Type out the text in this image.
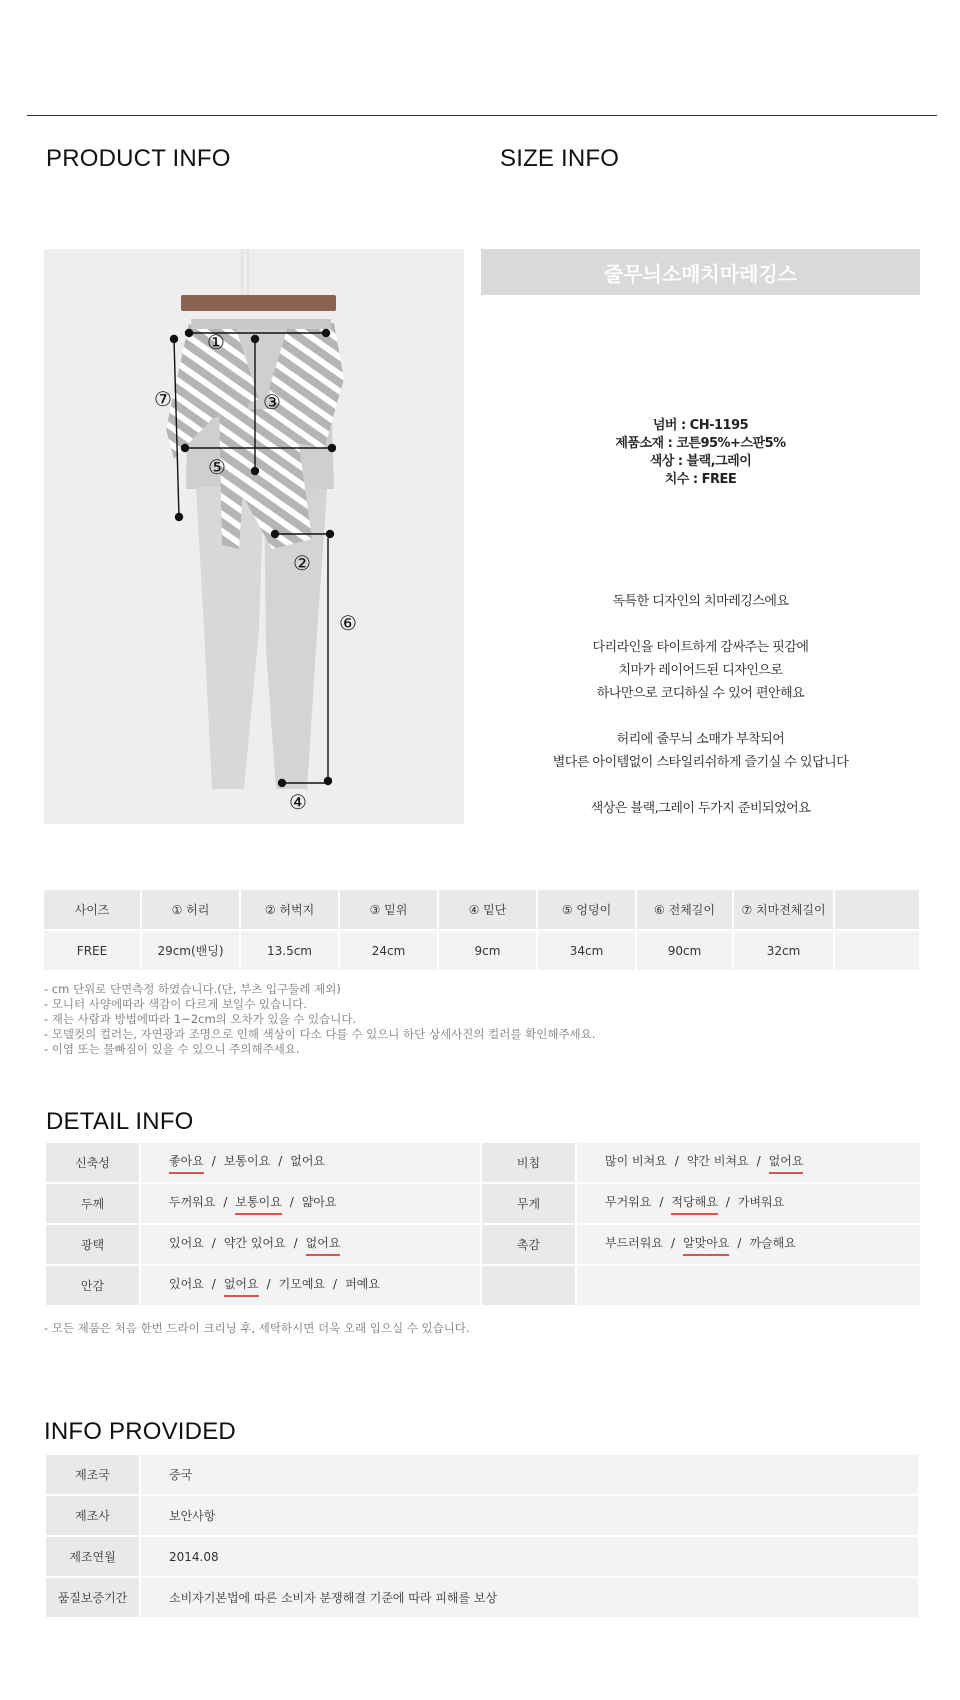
PRODUCT INFO	SIZE INFO
①
②
③
④
⑤
⑥
⑦
줄무늬소매치마레깅스
넘버 : CH-1195
제품소재 : 코튼95%+스판5%
색상 : 블랙,그레이
치수 : FREE
독특한 디자인의 치마레깅스에요
다리라인을 타이트하게 감싸주는 핏감에
치마가 레이어드된 디자인으로
하나만으로 코디하실 수 있어 편안해요
허리에 줄무늬 소매가 부착되어
별다른 아이템없이 스타일리쉬하게 즐기실 수 있답니다
색상은 블랙,그레이 두가지 준비되었어요
사이즈	① 허리	② 허벅지	③ 밑위	④ 밑단	⑤ 엉덩이	⑥ 전체길이	⑦ 치마전체길이	
FREE	29cm(밴딩)	13.5cm	24cm	9cm	34cm	90cm	32cm	
- cm 단위로 단면측정 하였습니다.(단, 부츠 입구둘레 제외)
- 모니터 사양에따라 색감이 다르게 보일수 있습니다.
- 재는 사람과 방법에따라 1~2cm의 오차가 있을 수 있습니다.
- 모델컷의 컬러는, 자연광과 조명으로 인해 색상이 다소 다를 수 있으니 하단 상세사진의 컬러를 확인해주세요.
- 이염 또는 물빠짐이 있을 수 있으니 주의해주세요.
DETAIL INFO
신축성	좋아요 / 보통이요 / 없어요	비침	많이 비쳐요 / 약간 비쳐요 / 없어요
두께	두꺼워요 / 보통이요 / 얇아요	무게	무거워요 / 적당해요 / 가벼워요
광택	있어요 / 약간 있어요 / 없어요	촉감	부드러워요 / 알맞아요 / 까슬해요
안감	있어요 / 없어요 / 기모예요 / 퍼예요		
- 모든 제품은 처음 한번 드라이 크리닝 후, 세탁하시면 더욱 오래 입으실 수 있습니다.
INFO PROVIDED
제조국	중국
제조사	보안사항
제조연월	2014.08
품질보증기간	소비자기본법에 따른 소비자 분쟁해결 기준에 따라 피해를 보상
